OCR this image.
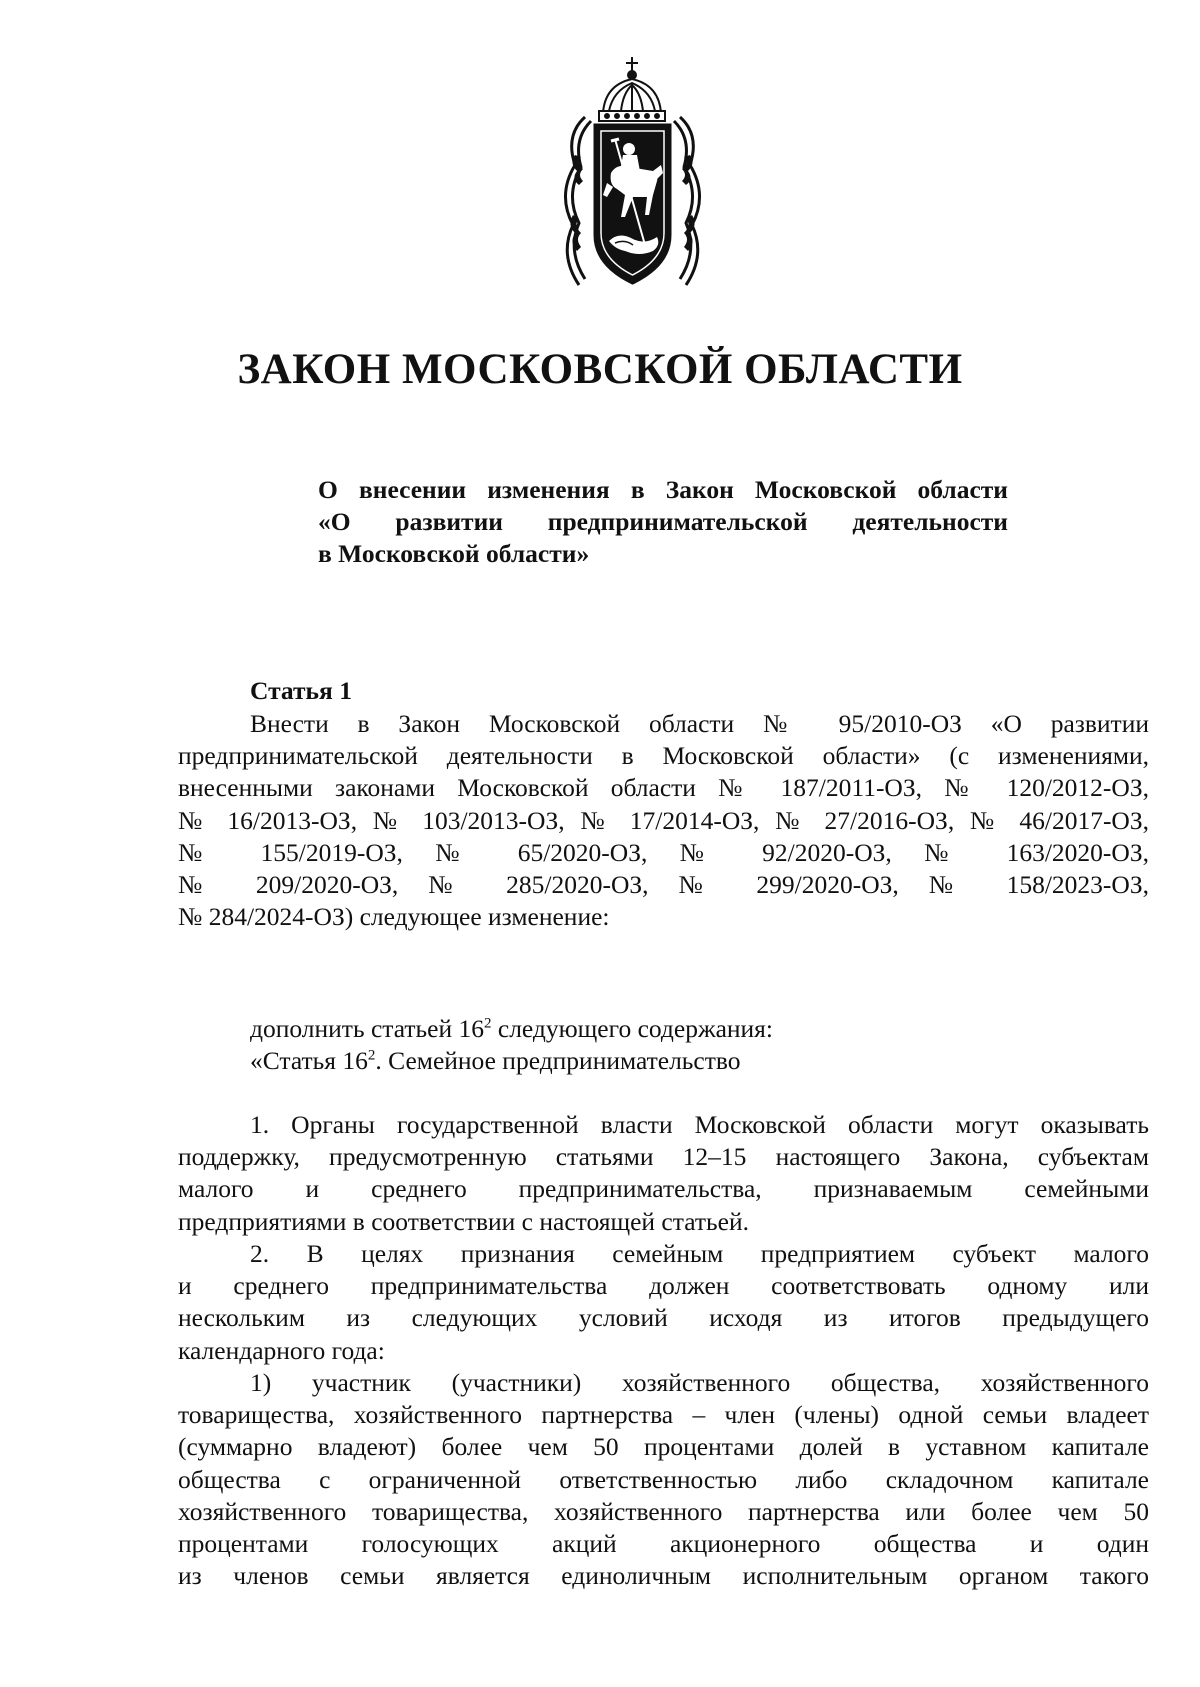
ЗАКОН МОСКОВСКОЙ ОБЛАСТИ
О внесении изменения в Закон Московской области
«О развитии предпринимательской деятельности
в Московской области»
Статья 1
Внести в Закон Московской области № 95/2010-ОЗ «О развитии
предпринимательской деятельности в Московской области» (с изменениями,
внесенными законами Московской области № 187/2011-ОЗ, № 120/2012-ОЗ,
№ 16/2013-ОЗ, № 103/2013-ОЗ, № 17/2014-ОЗ, № 27/2016-ОЗ, № 46/2017-ОЗ,
№ 155/2019-ОЗ, № 65/2020-ОЗ, № 92/2020-ОЗ, № 163/2020-ОЗ,
№ 209/2020-ОЗ, № 285/2020-ОЗ, № 299/2020-ОЗ, № 158/2023-ОЗ,
№ 284/2024-ОЗ) следующее изменение:
дополнить статьей $16^2$ следующего содержания:
«Статья $16^2$. Семейное предпринимательство
1. Органы государственной власти Московской области могут оказывать
поддержку, предусмотренную статьями 12–15 настоящего Закона, субъектам
малого и среднего предпринимательства, признаваемым семейными
предприятиями в соответствии с настоящей статьей.
2. В целях признания семейным предприятием субъект малого
и среднего предпринимательства должен соответствовать одному или
нескольким из следующих условий исходя из итогов предыдущего
календарного года:
1) участник (участники) хозяйственного общества, хозяйственного
товарищества, хозяйственного партнерства – член (члены) одной семьи владеет
(суммарно владеют) более чем 50 процентами долей в уставном капитале
общества с ограниченной ответственностью либо складочном капитале
хозяйственного товарищества, хозяйственного партнерства или более чем 50
процентами голосующих акций акционерного общества и один
из членов семьи является единоличным исполнительным органом такого
